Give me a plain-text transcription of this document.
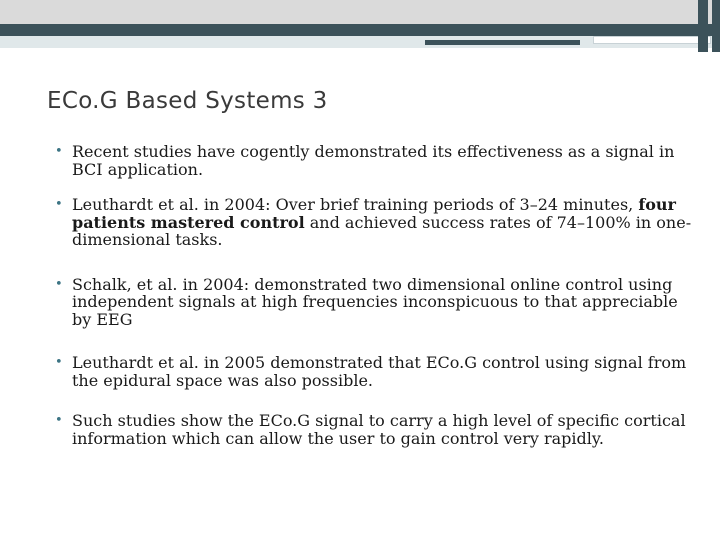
ECo.G Based Systems 3
• Recent studies have cogently demonstrated its effectiveness as a signal in BCI application.
• Leuthardt et al. in 2004: Over brief training periods of 3–24 minutes, four patients mastered control and achieved success rates of 74–100% in one-dimensional tasks.
• Schalk, et al. in 2004: demonstrated two dimensional online control using independent signals at high frequencies inconspicuous to that appreciable by EEG
• Leuthardt et al. in 2005 demonstrated that ECo.G control using signal from the epidural space was also possible.
• Such studies show the ECo.G signal to carry a high level of specific cortical information which can allow the user to gain control very rapidly.
